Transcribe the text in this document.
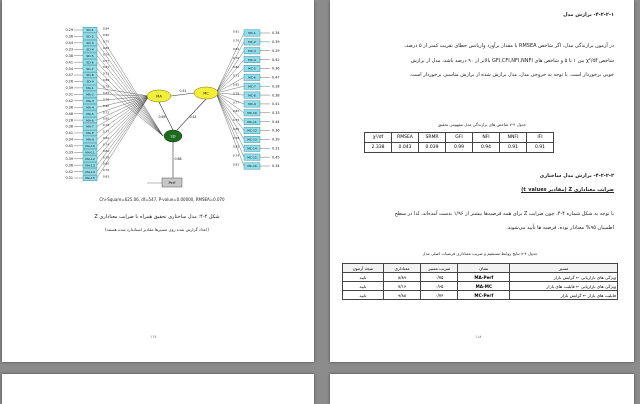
0.29	SD-1	0.84
0.36	SD-2	0.80
0.44	SD-3	0.75
0.33	SD-4	0.82
0.38	SD-5	0.79
0.41	SD-6	0.77
0.34	SD-7	0.81
0.47	SD-8	0.73
0.26	SD-9	0.86
0.39	MA-1	0.78
0.31	MA-2	0.83
0.42	MA-3	0.76
0.36	MA-4	0.80
0.48	MA-5	0.72
0.28	MA-6	0.85
0.38	MA-7	0.79
0.41	MA-8	0.77
0.34	MA-9	0.81
0.45	MA-10	0.74
0.33	MA-11	0.82
0.39	MA-12	0.78
0.36	MA-13	0.80
0.42	MA-14	0.76
0.31	MA-15	0.83
MC-1	0.34
0.81
MC-2	0.39
0.78
MC-3	0.29
0.84
MC-4	0.42
0.76
MC-5	0.36
0.80
MC-6	0.47
0.73
MC-7	0.28
0.85
MC-8	0.38
0.79
MC-9	0.41
0.77
MC-10	0.33
0.82
MC-11	0.44
0.75
MC-12	0.36
0.80
MC-13	0.39
0.78
MC-14	0.31
0.83
MC-15	0.45
0.74
MC-16	0.34
0.81
MA
MC
SD
Perf
0.51
0.69	0.44
0.88
Chi-Square=625.06, df=547, P-value=0.00000, RMSEA=0.070
شکل ۴-۴: مدل ساختاری تحقیق همراه با ضرایب معناداری Z
(اعداد گزارش شده روی مسیرها مقادیر استاندارد شده هستند)
۱۱۷
۴-۲-۲-۱- برازش مدل
در آزمون برازندگی مدل، اگر شاخص RMSEA با مقدار برآورد واریانس خطای تقریب کمتر از ۵ درصد،
شاخص χ²/df بین ۱ تا ۵ و شاخص های GFI,CFI,NFI,NNFI بالاتر از ۹۰ درصد باشد، مدل از برازش
خوبی برخوردار است. با توجه به خروجی مدل، مدل برازش شده از برازش مناسبی برخوردار است.
جدول ۴-۷ شاخص های برازندگی مدل مفهومی تحقیق
χ²/df	RMSEA	SRMR	GFI	NFI	NNFI	IFI
2.338	0.043	0.039	0.99	0.94	0.91	0.91
۴-۲-۲-۲- برازش مدل ساختاری
ضرایب معناداری Z (مقادیر t_values)
با توجه به شکل شماره ۴-۴، چون ضرایب Z برای همه فرضیه‌ها بیشتر از ۱/۹۶ بدست آمده‌اند، لذا در سطح
اطمینان ۹۵% معنادار بوده، فرضیه ها تأیید می‌شوند.
جدول ۴-۸ نتایج روابط مستقیم و ضریب معناداری فرضیات اصلی مدل
مسیر	نشان	ضریب مسیر	معناداری	نتیجه آزمون
ویژگی های بازاریابی ← گرایش بازار	MA-Perf	۰/۷۵	۸/۸۹	تایید
ویژگی های بازاریابی ← قابلیت های بازار	MA-MC	۰/۶۵	۷/۱۶	تایید
قابلیت های بازار ← گرایش بازار	MC-Perf	۰/۷۳	۹/۸۸	تایید
۱۱۸
